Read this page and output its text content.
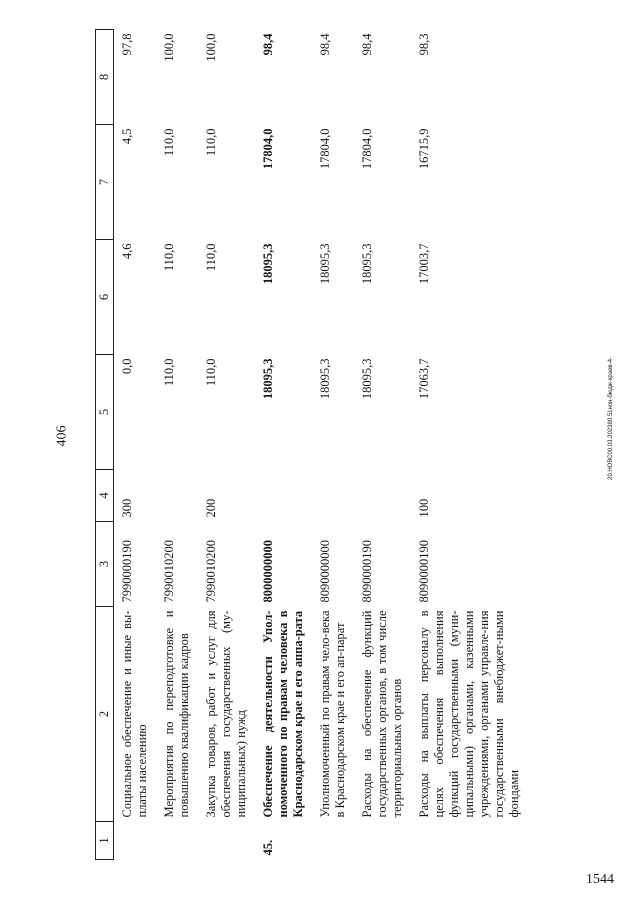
406
1544
20.НОВС00.03.202389.51нон-бюдж-краев-4-
1	2	3	4	5	6	7	8
	Социальное обеспечение и иные вы-платы населению	7990000190	300	0,0	4,6	4,5	97,8
	Мероприятия по переподготовке и повышению квалификации кадров	7990010200		110,0	110,0	110,0	100,0
	Закупка товаров, работ и услуг для обеспечения государственных (му-ниципальных) нужд	7990010200	200	110,0	110,0	110,0	100,0
45.	Обеспечение деятельности Упол-номоченного по правам человека в Краснодарском крае и его аппа-рата	8000000000		18095,3	18095,3	17804,0	98,4
	Уполномоченный по правам чело-века в Краснодарском крае и его ап-парат	8090000000		18095,3	18095,3	17804,0	98,4
	Расходы на обеспечение функций государственных органов, в том числе территориальных органов	8090000190		18095,3	18095,3	17804,0	98,4
	Расходы на выплаты персоналу в целях обеспечения выполнения функций государственными (муни-ципальными) органами, казенными учреждениями, органами управле-ния государственными внебюджет-ными фондами	8090000190	100	17063,7	17003,7	16715,9	98,3
